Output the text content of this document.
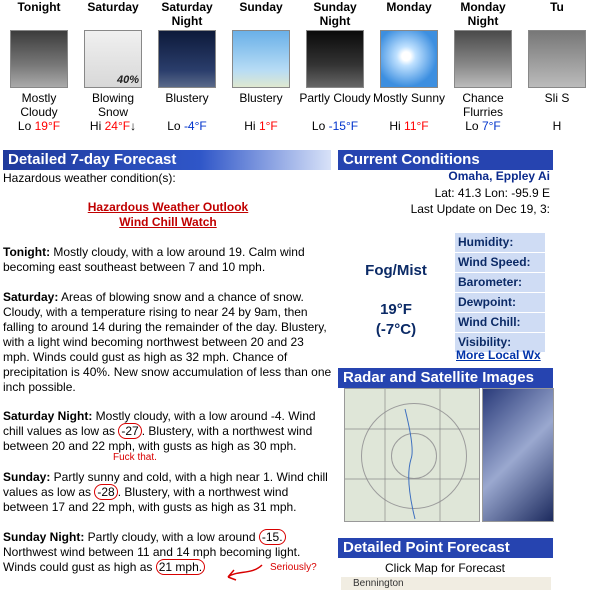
Tonight
Mostly Cloudy
Lo 19°F
Saturday
40%
Blowing Snow
Hi 24°F↓
Saturday Night
Blustery
Lo -4°F
Sunday
Blustery
Hi 1°F
Sunday Night
Partly Cloudy
Lo -15°F
Monday
Mostly Sunny
Hi 11°F
Monday Night
Chance Flurries
Lo 7°F
Tu
Sli S
H
Detailed 7-day Forecast
Hazardous weather condition(s):
Hazardous Weather Outlook
Wind Chill Watch
Tonight: Mostly cloudy, with a low around 19. Calm wind becoming east southeast between 7 and 10 mph.
Saturday: Areas of blowing snow and a chance of snow. Cloudy, with a temperature rising to near 24 by 9am, then falling to around 14 during the remainder of the day. Blustery, with a light wind becoming northwest between 20 and 23 mph. Winds could gust as high as 32 mph. Chance of precipitation is 40%. New snow accumulation of less than one inch possible.
Saturday Night: Mostly cloudy, with a low around -4. Wind chill values as low as -27 . Blustery, with a northwest wind between 20 and 22 mph, with gusts as high as 30 mph.
Fuck that.
Sunday: Partly sunny and cold, with a high near 1. Wind chill values as low as -28 . Blustery, with a northwest wind between 17 and 22 mph, with gusts as high as 31 mph.
Sunday Night: Partly cloudy, with a low around -15. Northwest wind between 11 and 14 mph becoming light. Winds could gust as high as 21 mph.	Seriously?
Current Conditions
Omaha, Eppley Ai
Lat: 41.3 Lon: -95.9 E
Last Update on Dec 19, 3:
Fog/Mist
19°F
(-7°C)
Humidity:
Wind Speed:
Barometer:
Dewpoint:
Wind Chill:
Visibility:
More Local Wx
Radar and Satellite Images
Detailed Point Forecast
Click Map for Forecast
Bennington
